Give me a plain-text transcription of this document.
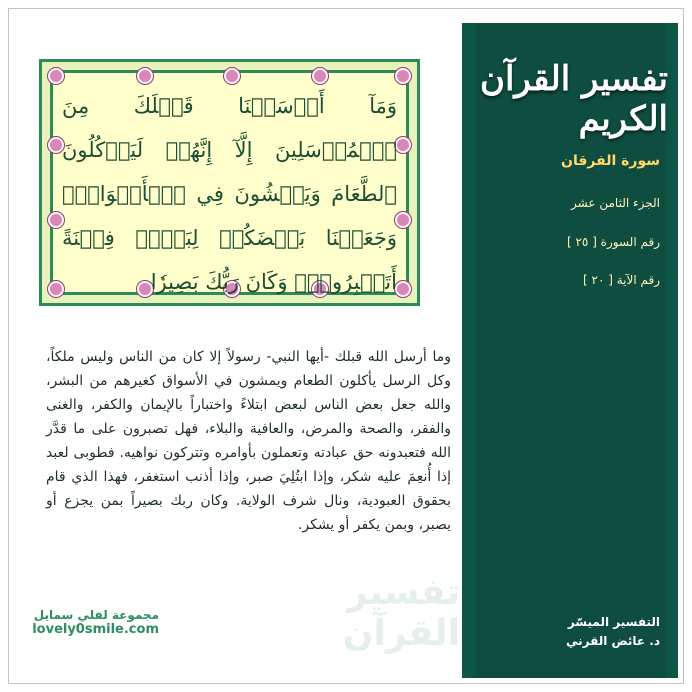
تفسير القرآن الكريم
سورة الفرقان
الجزء الثامن عشر
رقم السورة [ ٢٥ ]
رقم الآية [ ٢٠ ]
التفسير الميسّر
د. عائض القرني
وَمَآ أَرۡسَلۡنَا قَبۡلَكَ مِنَ ٱلۡمُرۡسَلِينَ إِلَّآ إِنَّهُمۡ لَيَأۡكُلُونَ ٱلطَّعَامَ وَيَمۡشُونَ فِي ٱلۡأَسۡوَاقِۗ وَجَعَلۡنَا بَعۡضَكُمۡ لِبَعۡضٖ فِتۡنَةً أَتَصۡبِرُونَۗ وَكَانَ رَبُّكَ بَصِيرٗا
وما أرسل الله قبلك -أيها النبي- رسولاً إلا كان من الناس وليس ملكاً، وكل الرسل يأكلون الطعام ويمشون في الأسواق كغيرهم من البشر، والله جعل بعض الناس لبعض ابتلاءً واختباراً بالإيمان والكفر، والغنى والفقر، والصحة والمرض، والعافية والبلاء، فهل تصبرون على ما قدَّر الله فتعبدونه حق عبادته وتعملون بأوامره وتتركون نواهيه. فطوبى لعبد إذا أُنعِمَ عليه شكر، وإذا ابتُلِيَ صبر، وإذا أذنب استغفر، فهذا الذي قام بحقوق العبودية، ونال شرف الولاية. وكان ربك بصيراً بمن يجزع أو يصبر، وبمن يكفر أو يشكر.
تفسير القرآن
مجموعة لفلي سمايل
lovely0smile.com
